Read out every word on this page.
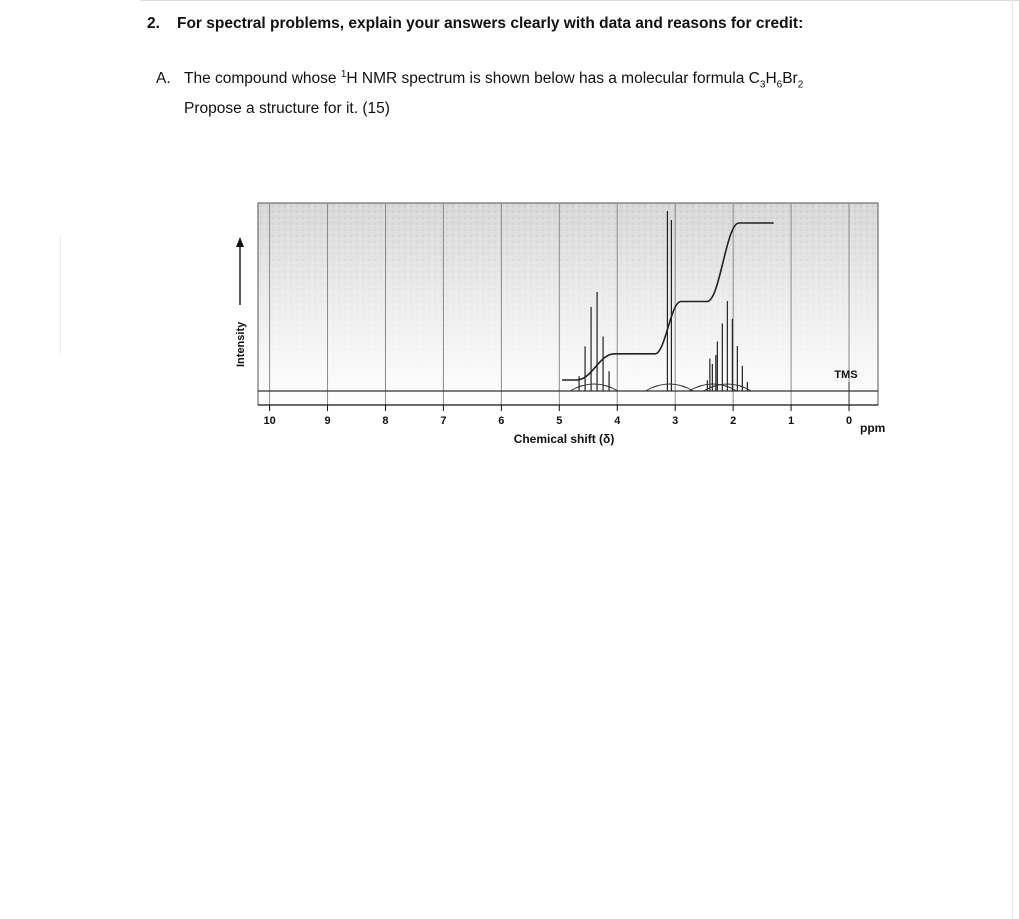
2. For spectral problems, explain your answers clearly with data and reasons for credit:
A. The compound whose $^1$H NMR spectrum is shown below has a molecular formula $C_3H_6Br_2$
Propose a structure for it. (15)
10	9	8	7	6	5	4	3	2	1	0
TMS
Intensity
Chemical shift (δ)
ppm
